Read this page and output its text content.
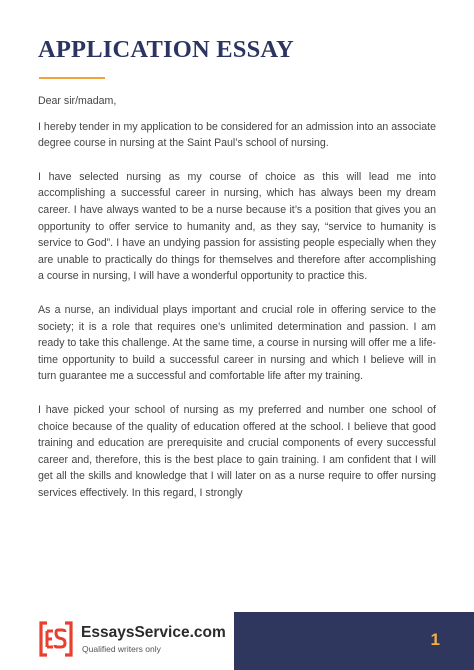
APPLICATION ESSAY

Dear sir/madam,

I hereby tender in my application to be considered for an admission into an associate degree course in nursing at the Saint Paul’s school of nursing.

I have selected nursing as my course of choice as this will lead me into accomplishing a successful career in nursing, which has always been my dream career. I have always wanted to be a nurse because it’s a position that gives you an opportunity to offer service to humanity and, as they say, “service to humanity is service to God”. I have an undying passion for assisting people especially when they are unable to practically do things for themselves and therefore after accomplishing a course in nursing, I will have a wonderful opportunity to practice this.

As a nurse, an individual plays important and crucial role in offering service to the society; it is a role that requires one’s unlimited determination and passion. I am ready to take this challenge. At the same time, a course in nursing will offer me a life-time opportunity to build a successful career in nursing and which I believe will in turn guarantee me a successful and comfortable life after my training.

I have picked your school of nursing as my preferred and number one school of choice because of the quality of education offered at the school. I believe that good training and education are prerequisite and crucial components of every successful career and, therefore, this is the best place to gain training. I am confident that I will get all the skills and knowledge that I will later on as a nurse require to offer nursing services effectively. In this regard, I strongly

EssaysService.com
Qualified writers only	1
